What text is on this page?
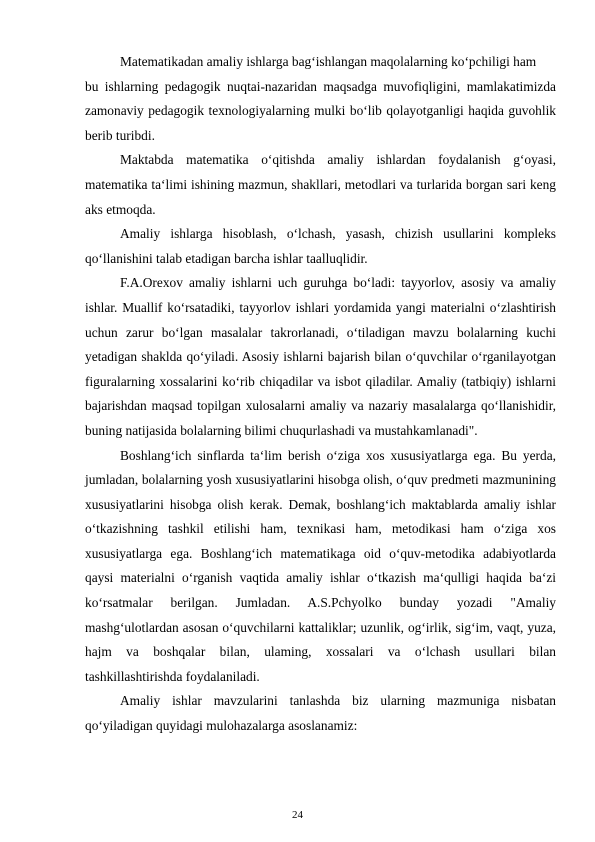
Matematikadan amaliy ishlarga bag‘ishlangan maqolalarning ko‘pchiligi ham

bu ishlarning pedagogik nuqtai-nazaridan maqsadga muvofiqligini, mamlakatimizda zamonaviy pedagogik texnologiyalarning mulki bo‘lib qolayotganligi haqida guvohlik berib turibdi.

Maktabda matematika o‘qitishda amaliy ishlardan foydalanish g‘oyasi, matematika ta‘limi ishining mazmun, shakllari, metodlari va turlarida borgan sari keng aks etmoqda.

Amaliy ishlarga hisoblash, o‘lchash, yasash, chizish usullarini kompleks qo‘llanishini talab etadigan barcha ishlar taalluqlidir.

F.A.Orexov amaliy ishlarni uch guruhga bo‘ladi: tayyorlov, asosiy va amaliy ishlar. Muallif ko‘rsatadiki, tayyorlov ishlari yordamida yangi materialni o‘zlashtirish uchun zarur bo‘lgan masalalar takrorlanadi, o‘tiladigan mavzu bolalarning kuchi yetadigan shaklda qo‘yiladi. Asosiy ishlarni bajarish bilan o‘quvchilar o‘rganilayotgan figuralarning xossalarini ko‘rib chiqadilar va isbot qiladilar. Amaliy (tatbiqiy) ishlarni bajarishdan maqsad topilgan xulosalarni amaliy va nazariy masalalarga qo‘llanishidir, buning natijasida bolalarning bilimi chuqurlashadi va mustahkamlanadi".

Boshlang‘ich sinflarda ta‘lim berish o‘ziga xos xususiyatlarga ega. Bu yerda, jumladan, bolalarning yosh xususiyatlarini hisobga olish, o‘quv predmeti mazmunining xususiyatlarini hisobga olish kerak. Demak, boshlang‘ich maktablarda amaliy ishlar o‘tkazishning tashkil etilishi ham, texnikasi ham, metodikasi ham o‘ziga xos xususiyatlarga ega. Boshlang‘ich matematikaga oid o‘quv-metodika adabiyotlarda qaysi materialni o‘rganish vaqtida amaliy ishlar o‘tkazish ma‘qulligi haqida ba‘zi ko‘rsatmalar berilgan. Jumladan. A.S.Pchyolko bunday yozadi "Amaliy mashg‘ulotlardan asosan o‘quvchilarni kattaliklar; uzunlik, og‘irlik, sig‘im, vaqt, yuza, hajm va boshqalar bilan, ulaming, xossalari va o‘lchash usullari bilan tashkillashtirishda foydalaniladi.

Amaliy ishlar mavzularini tanlashda biz ularning mazmuniga nisbatan qo‘yiladigan quyidagi mulohazalarga asoslanamiz:

24
